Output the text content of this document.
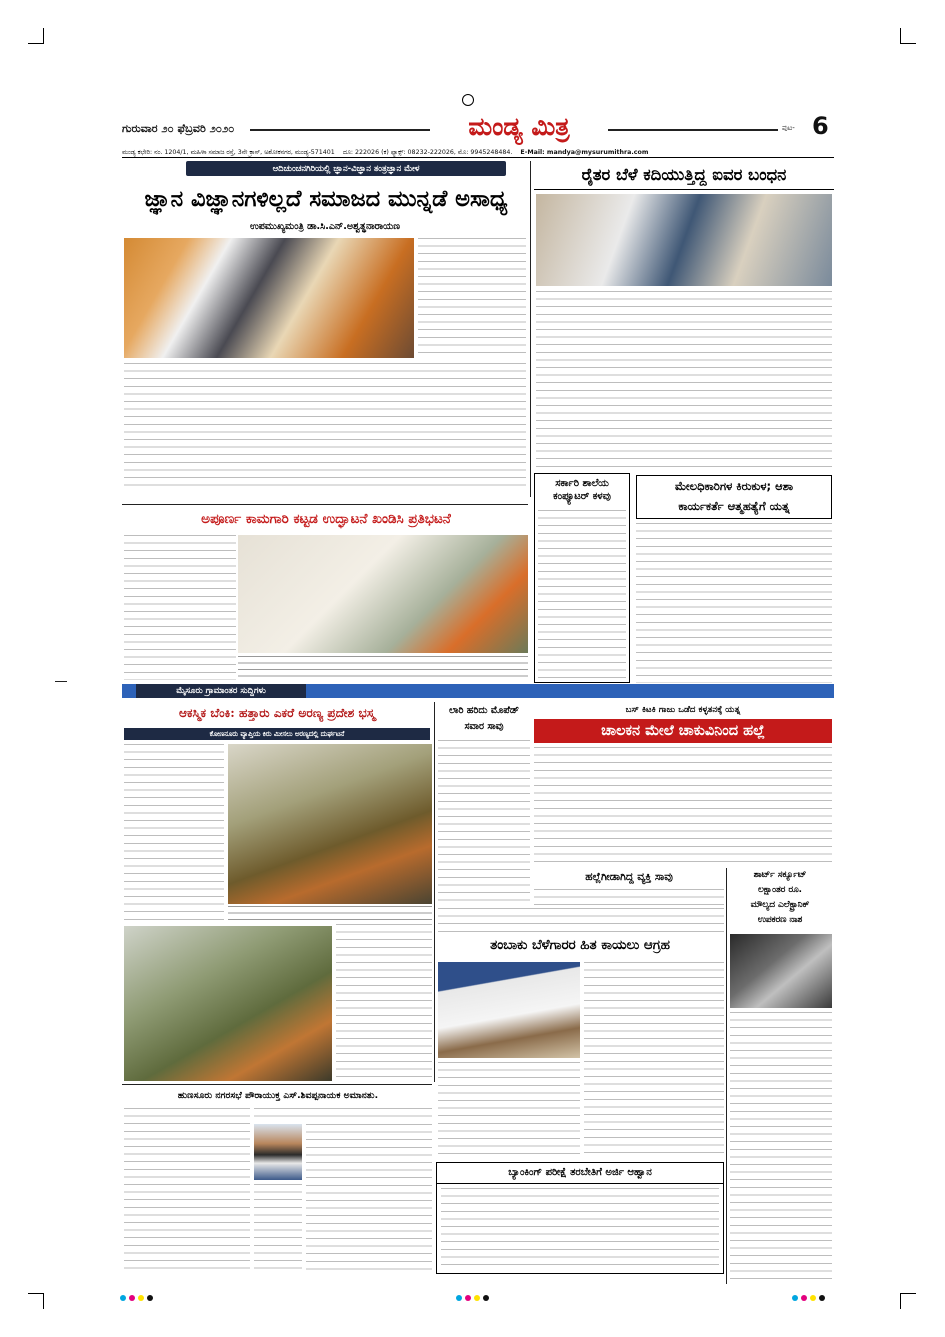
ಗುರುವಾರ ೨೦ ಫೆಬ್ರವರಿ ೨೦೨೦	ಮಂಡ್ಯ ಮಿತ್ರ	ಪುಟ- 6
ಮಂಡ್ಯ ಕಛೇರಿ: ನಂ. 1204/1, ಮಹಿಳಾ ಸಮಾಜ ರಸ್ತೆ, 3ನೇ ಕ್ರಾಸ್, ಅಶೋಕನಗರ, ಮಂಡ್ಯ-571401 ದೂ: 222026 (ಕ) ಫ್ಯಾಕ್ಸ್: 08232-222026, ಮೊ: 9945248484. E-Mail: mandya@mysurumithra.com
ಆದಿಚುಂಚನಗಿರಿಯಲ್ಲಿ ಜ್ಞಾನ-ವಿಜ್ಞಾನ ತಂತ್ರಜ್ಞಾನ ಮೇಳ
ಜ್ಞಾನ ವಿಜ್ಞಾನಗಳಿಲ್ಲದೆ ಸಮಾಜದ ಮುನ್ನಡೆ ಅಸಾಧ್ಯ
ಉಪಮುಖ್ಯಮಂತ್ರಿ ಡಾ.ಸಿ.ಎನ್.ಅಶ್ವತ್ಥನಾರಾಯಣ
ರೈತರ ಬೆಳೆ ಕದಿಯುತ್ತಿದ್ದ ಐವರ ಬಂಧನ
ಸರ್ಕಾರಿ ಶಾಲೆಯ ಕಂಪ್ಯೂಟರ್ ಕಳವು
ಮೇಲಧಿಕಾರಿಗಳ ಕಿರುಕುಳ; ಆಶಾ
ಕಾರ್ಯಕರ್ತೆ ಆತ್ಮಹತ್ಯೆಗೆ ಯತ್ನ
ಅಪೂರ್ಣ ಕಾಮಗಾರಿ ಕಟ್ಟಡ ಉದ್ಘಾಟನೆ ಖಂಡಿಸಿ ಪ್ರತಿಭಟನೆ
ಮೈಸೂರು ಗ್ರಾಮಾಂತರ ಸುದ್ದಿಗಳು
ಆಕಸ್ಮಿಕ ಬೆಂಕಿ: ಹತ್ತಾರು ಎಕರೆ ಅರಣ್ಯ ಪ್ರದೇಶ ಭಸ್ಮ
ಕೋಣನೂರು ವ್ಯಾಪ್ತಿಯ ಕಿರು ಮೀಸಲು ಅರಣ್ಯದಲ್ಲಿ ದುರ್ಘಟನೆ
ಲಾರಿ ಹರಿದು ಮೊಪೆಡ್
ಸವಾರ ಸಾವು
ಬಸ್ ಕಿಟಕಿ ಗಾಜು ಒಡೆದ ಕಳ್ಳತನಕ್ಕೆ ಯತ್ನ
ಚಾಲಕನ ಮೇಲೆ ಚಾಕುವಿನಿಂದ ಹಲ್ಲೆ
ಹಲ್ಲೆಗೀಡಾಗಿದ್ದ ವ್ಯಕ್ತಿ ಸಾವು	ಶಾರ್ಟ್ ಸರ್ಕ್ಯೂಟ್
ಲಕ್ಷಾಂತರ ರೂ.
ಮೌಲ್ಯದ ಎಲೆಕ್ಟ್ರಾನಿಕ್
ಉಪಕರಣ ನಾಶ
ತಂಬಾಕು ಬೆಳೆಗಾರರ ಹಿತ ಕಾಯಲು ಆಗ್ರಹ
ಹುಣಸೂರು ನಗರಸಭೆ ಪೌರಾಯುಕ್ತ ಎಸ್.ಶಿವಪ್ಪನಾಯಕ ಅಮಾನತು.
ಬ್ಯಾಂಕಿಂಗ್ ಪರೀಕ್ಷೆ ತರಬೇತಿಗೆ ಅರ್ಜಿ ಆಹ್ವಾನ
